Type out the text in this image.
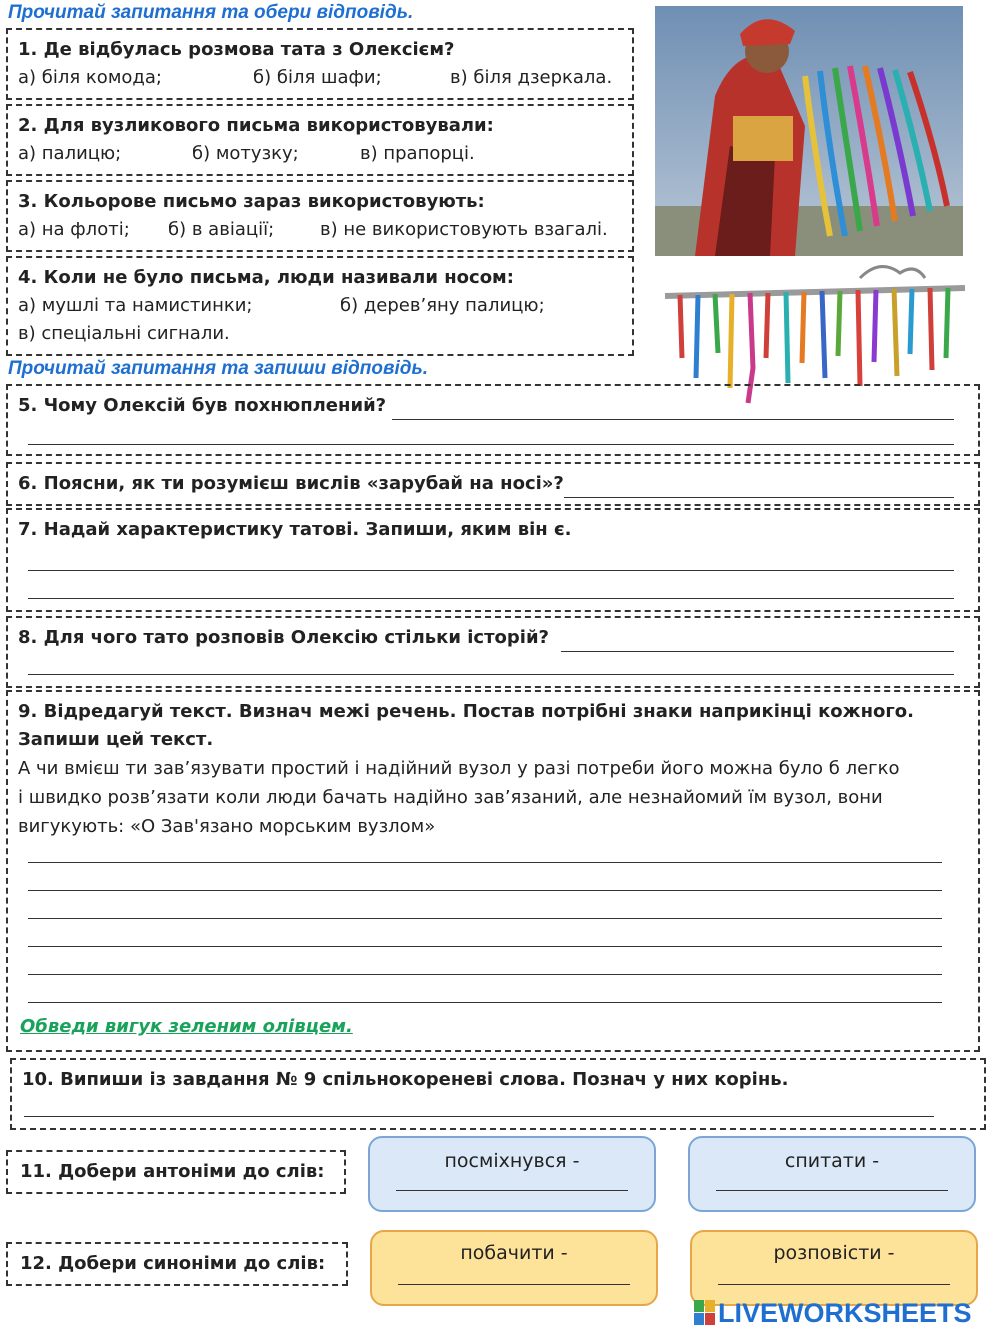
Прочитай запитання та обери відповідь.
1. Де відбулась розмова тата з Олексієм?
а) біля комода;	б) біля шафи;	в) біля дзеркала.
2. Для вузликового письма використовували:
а) палицю;	б) мотузку;	в) прапорці.
3. Кольорове письмо зараз використовують:
а) на флоті; б) в авіації;	в) не використовують взагалі.
4. Коли не було письма, люди називали носом:
а) мушлі та намистинки;	б) дерев’яну палицю;
в) спеціальні сигнали.
Прочитай запитання та запиши відповідь.
5. Чому Олексій був похнюплений?
6. Поясни, як ти розумієш вислів «зарубай на носі»?
7. Надай характеристику татові. Запиши, яким він є.
8. Для чого тато розповів Олексію стільки історій?
9. Відредагуй текст. Визнач межі речень. Постав потрібні знаки наприкінці кожного.
Запиши цей текст.
А чи вмієш ти зав’язувати простий і надійний вузол у разі потреби його можна було б легко
і швидко розв’язати коли люди бачать надійно зав’язаний, але незнайомий їм вузол, вони
вигукують: «О Зав'язано морським вузлом»
Обведи вигук зеленим олівцем.
10. Випиши із завдання № 9 спільнокореневі слова. Познач у них корінь.
11. Добери антоніми до слів:	посміхнувся -	спитати -
12. Добери синоніми до слів:	побачити -	розповісти -
LIVEWORKSHEETS
